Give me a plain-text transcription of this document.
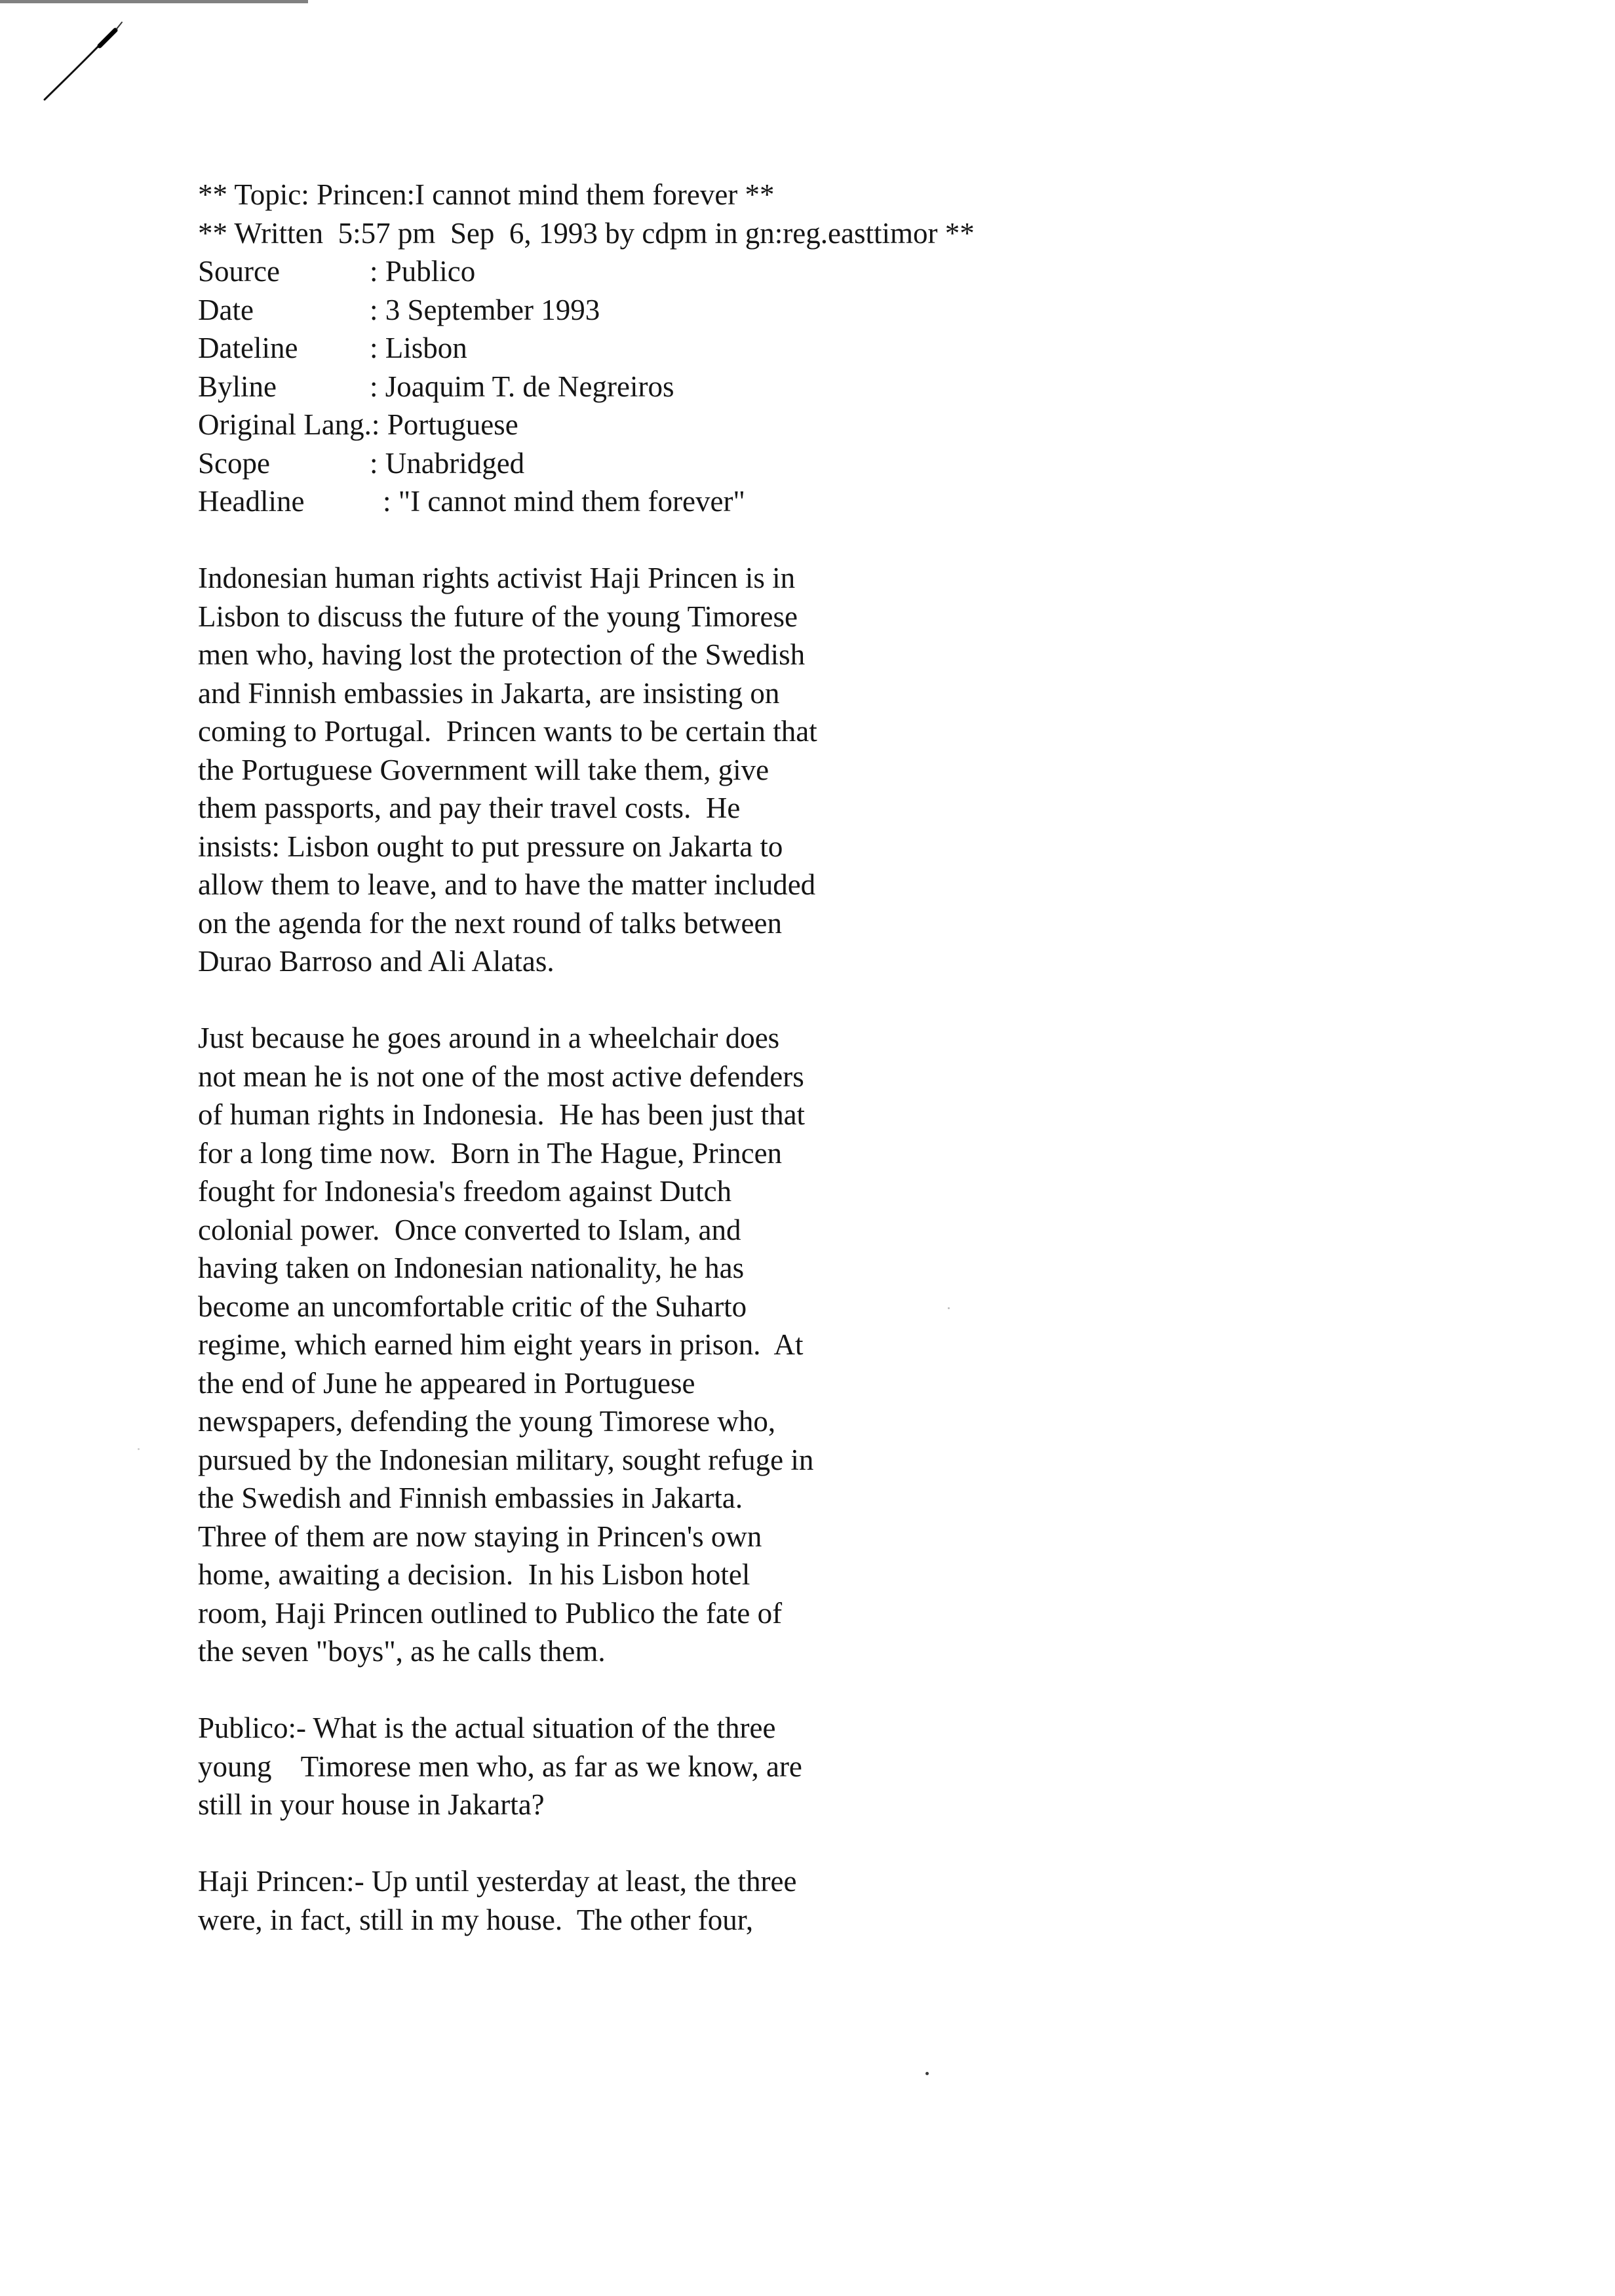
** Topic: Princen:I cannot mind them forever **
** Written  5:57 pm  Sep  6, 1993 by cdpm in gn:reg.easttimor **
Source	: Publico
Date	: 3 September 1993
Dateline	: Lisbon
Byline	: Joaquim T. de Negreiros
Original Lang.: Portuguese
Scope	: Unabridged
Headline	: "I cannot mind them forever"
Indonesian human rights activist Haji Princen is in
Lisbon to discuss the future of the young Timorese
men who, having lost the protection of the Swedish
and Finnish embassies in Jakarta, are insisting on
coming to Portugal.  Princen wants to be certain that
the Portuguese Government will take them, give
them passports, and pay their travel costs.  He
insists: Lisbon ought to put pressure on Jakarta to
allow them to leave, and to have the matter included
on the agenda for the next round of talks between
Durao Barroso and Ali Alatas.
Just because he goes around in a wheelchair does
not mean he is not one of the most active defenders
of human rights in Indonesia.  He has been just that
for a long time now.  Born in The Hague, Princen
fought for Indonesia's freedom against Dutch
colonial power.  Once converted to Islam, and
having taken on Indonesian nationality, he has
become an uncomfortable critic of the Suharto
regime, which earned him eight years in prison.  At
the end of June he appeared in Portuguese
newspapers, defending the young Timorese who,
pursued by the Indonesian military, sought refuge in
the Swedish and Finnish embassies in Jakarta.
Three of them are now staying in Princen's own
home, awaiting a decision.  In his Lisbon hotel
room, Haji Princen outlined to Publico the fate of
the seven "boys", as he calls them.
Publico:- What is the actual situation of the three
young    Timorese men who, as far as we know, are
still in your house in Jakarta?
Haji Princen:- Up until yesterday at least, the three
were, in fact, still in my house.  The other four,
